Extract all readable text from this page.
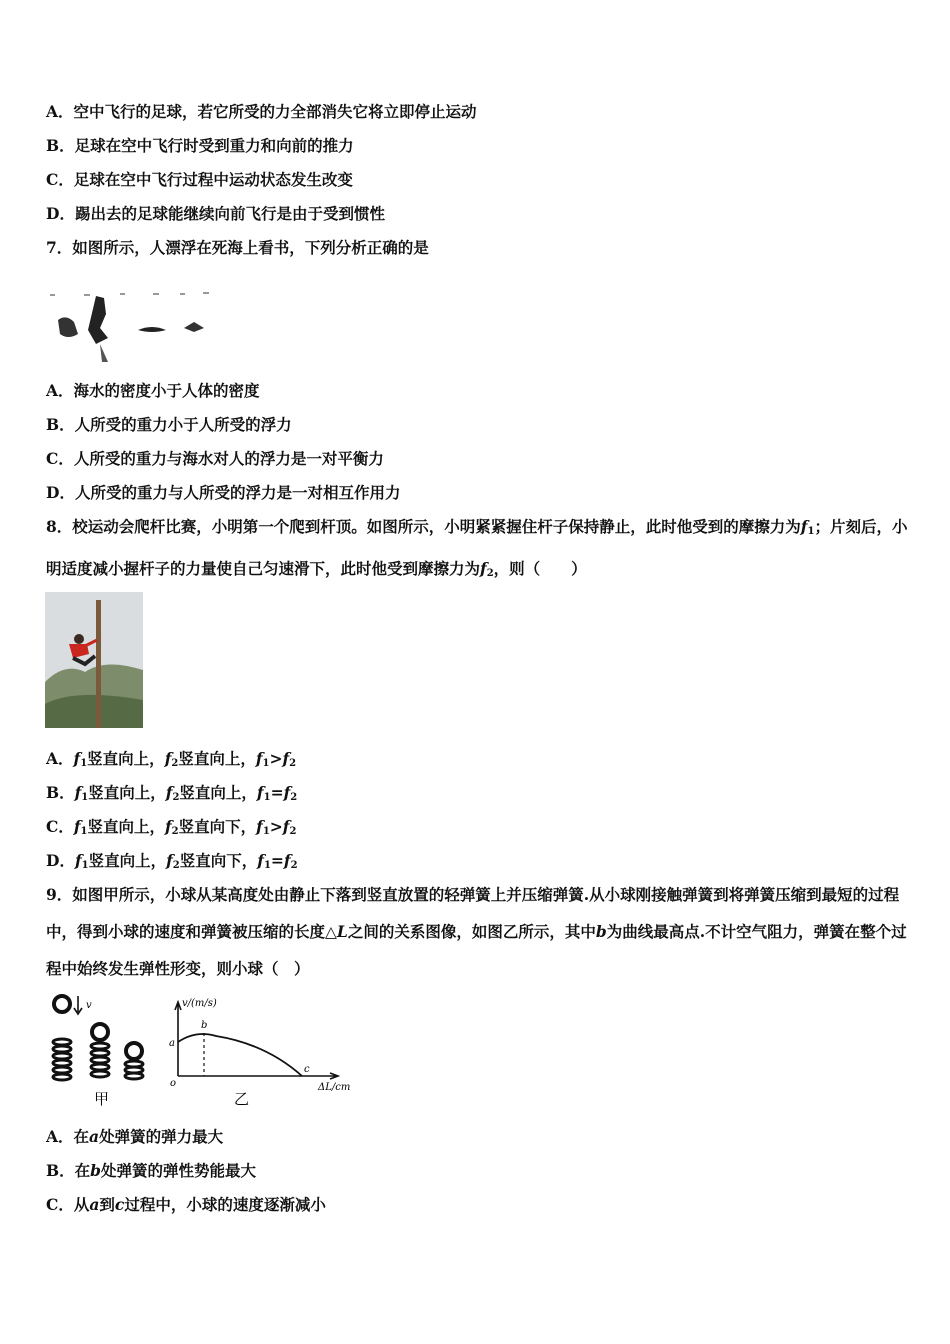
A．空中飞行的足球，若它所受的力全部消失它将立即停止运动
B．足球在空中飞行时受到重力和向前的推力
C．足球在空中飞行过程中运动状态发生改变
D．踢出去的足球能继续向前飞行是由于受到惯性
7．如图所示，人漂浮在死海上看书，下列分析正确的是
A．海水的密度小于人体的密度
B．人所受的重力小于人所受的浮力
C．人所受的重力与海水对人的浮力是一对平衡力
D．人所受的重力与人所受的浮力是一对相互作用力
8．校运动会爬杆比赛，小明第一个爬到杆顶。如图所示，小明紧紧握住杆子保持静止，此时他受到的摩擦力为$f_1$；片刻后，小明适度减小握杆子的力量使自己匀速滑下，此时他受到摩擦力为$f_2$，则（　　）
A．$f_1$竖直向上，$f_2$竖直向上，$f_1>f_2$
B．$f_1$竖直向上，$f_2$竖直向上，$f_1=f_2$
C．$f_1$竖直向上，$f_2$竖直向下，$f_1>f_2$
D．$f_1$竖直向上，$f_2$竖直向下，$f_1=f_2$
9．如图甲所示，小球从某高度处由静止下落到竖直放置的轻弹簧上并压缩弹簧.从小球刚接触弹簧到将弹簧压缩到最短的过程中，得到小球的速度和弹簧被压缩的长度△L之间的关系图像，如图乙所示，其中b为曲线最高点.不计空气阻力，弹簧在整个过程中始终发生弹性形变，则小球（　）
v
甲
v/(m/s)
ΔL/cm
a
b
c
o
乙
A．在a处弹簧的弹力最大
B．在b处弹簧的弹性势能最大
C．从a到c过程中，小球的速度逐渐减小
